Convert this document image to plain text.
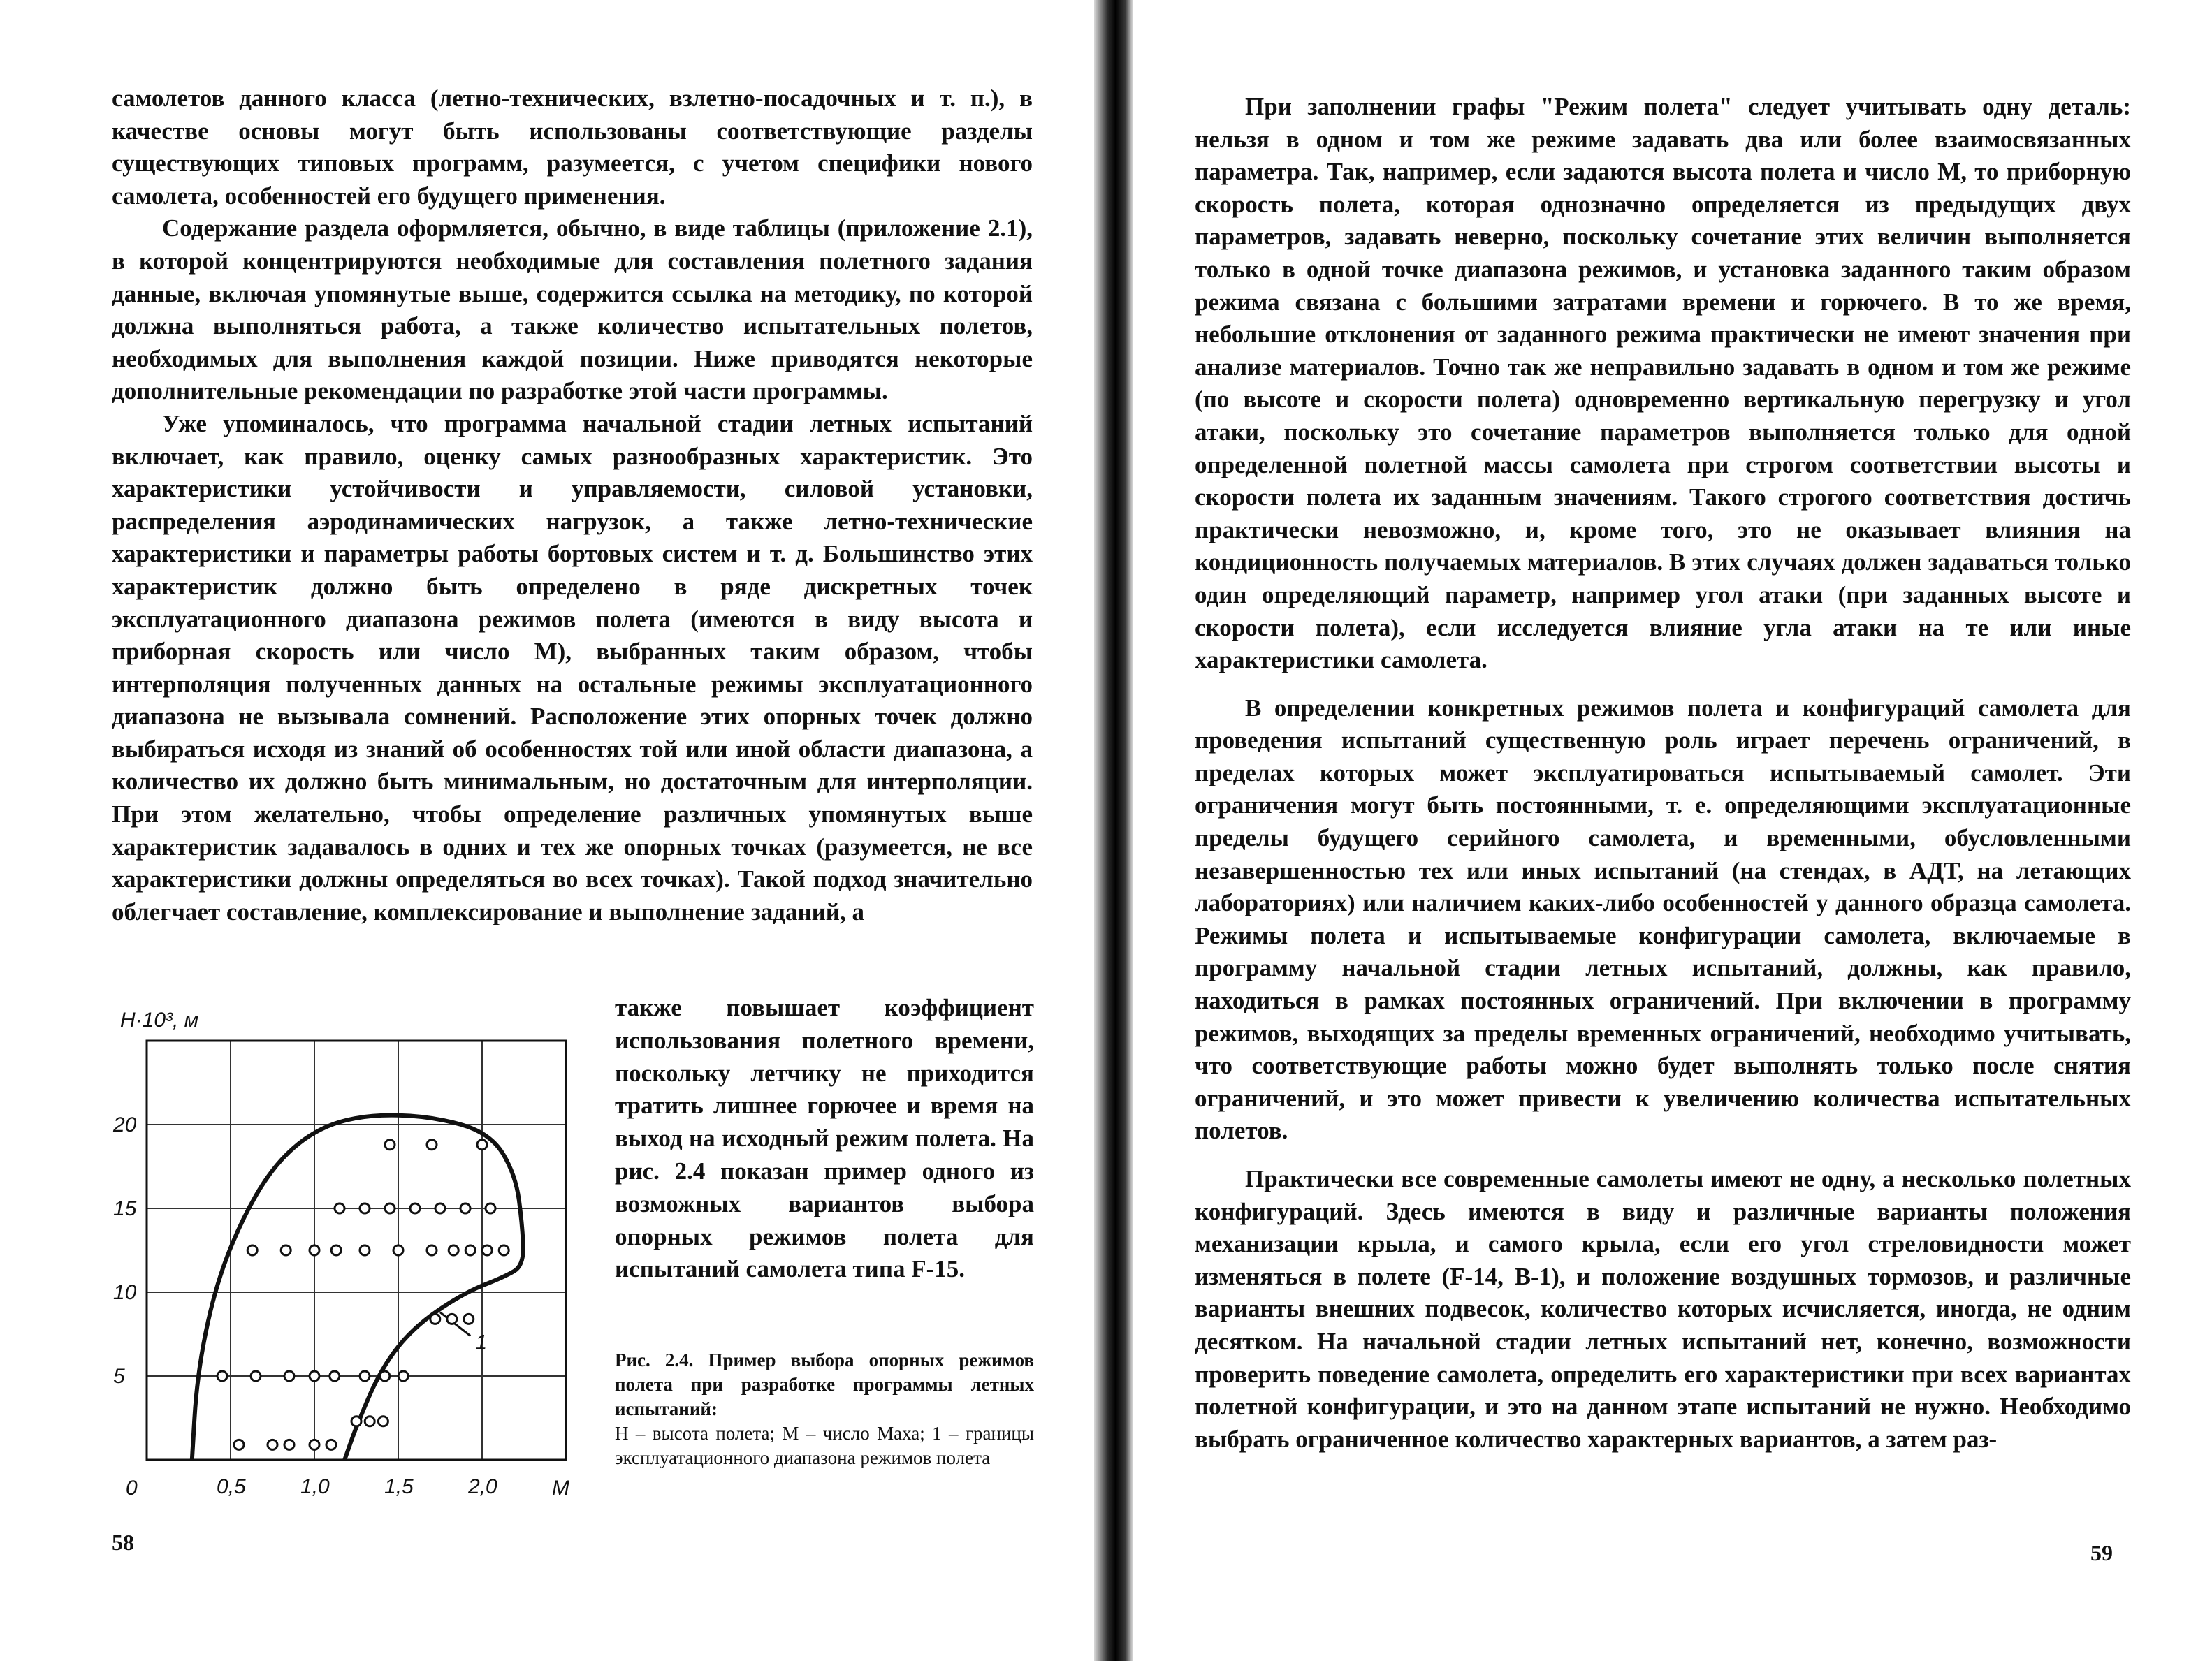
самолетов данного класса (летно-технических, взлетно-посадочных и т. п.), в качестве основы могут быть использованы соответствующие разделы существующих типовых программ, разумеется, с учетом специфики нового самолета, особенностей его будущего применения.

Содержание раздела оформляется, обычно, в виде таблицы (приложение 2.1), в которой концентрируются необходимые для составления полетного задания данные, включая упомянутые выше, содержится ссылка на методику, по которой должна выполняться работа, а также количество испытательных полетов, необходимых для выполнения каждой позиции. Ниже приводятся некоторые дополнительные рекомендации по разработке этой части программы.

Уже упоминалось, что программа начальной стадии летных испытаний включает, как правило, оценку самых разнообразных характеристик. Это характеристики устойчивости и управляемости, силовой установки, распределения аэродинамических нагрузок, а также летно-технические характеристики и параметры работы бортовых систем и т. д. Большинство этих характеристик должно быть определено в ряде дискретных точек эксплуатационного диапазона режимов полета (имеются в виду высота и приборная скорость или число М), выбранных таким образом, чтобы интерполяция полученных данных на остальные режимы эксплуатационного диапазона не вызывала сомнений. Расположение этих опорных точек должно выбираться исходя из знаний об особенностях той или иной области диапазона, а количество их должно быть минимальным, но достаточным для интерполяции. При этом желательно, чтобы определение различных упомянутых выше характеристик задавалось в одних и тех же опорных точках (разумеется, не все характеристики должны определяться во всех точках). Такой подход значительно облегчает составление, комплексирование и выполнение заданий, а

H·10³, м
M
0	0,5	1,0	1,5	2,0
5
10
15
20
1
также повышает коэффициент использования полетного времени, поскольку летчику не приходится тратить лишнее горючее и время на выход на исходный режим полета. На рис. 2.4 показан пример одного из возможных вариантов выбора опорных режимов полета для испытаний самолета типа F-15.
Рис. 2.4. Пример выбора опорных режимов полета при разработке программы летных испытаний:
Н – высота полета; М – число Маха; 1 – границы эксплуатационного диапазона режимов полета
58

При заполнении графы "Режим полета" следует учитывать одну деталь: нельзя в одном и том же режиме задавать два или более взаимосвязанных параметра. Так, например, если задаются высота полета и число М, то приборную скорость полета, которая однозначно определяется из предыдущих двух параметров, задавать неверно, поскольку сочетание этих величин выполняется только в одной точке диапазона режимов, и установка заданного таким образом режима связана с большими затратами времени и горючего. В то же время, небольшие отклонения от заданного режима практически не имеют значения при анализе материалов. Точно так же неправильно задавать в одном и том же режиме (по высоте и скорости полета) одновременно вертикальную перегрузку и угол атаки, поскольку это сочетание параметров выполняется только для одной определенной полетной массы самолета при строгом соответствии высоты и скорости полета их заданным значениям. Такого строгого соответствия достичь практически невозможно, и, кроме того, это не оказывает влияния на кондиционность получаемых материалов. В этих случаях должен задаваться только один определяющий параметр, например угол атаки (при заданных высоте и скорости полета), если исследуется влияние угла атаки на те или иные характеристики самолета.

В определении конкретных режимов полета и конфигураций самолета для проведения испытаний существенную роль играет перечень ограничений, в пределах которых может эксплуатироваться испытываемый самолет. Эти ограничения могут быть постоянными, т. е. определяющими эксплуатационные пределы будущего серийного самолета, и временными, обусловленными незавершенностью тех или иных испытаний (на стендах, в АДТ, на летающих лабораториях) или наличием каких-либо особенностей у данного образца самолета. Режимы полета и испытываемые конфигурации самолета, включаемые в программу начальной стадии летных испытаний, должны, как правило, находиться в рамках постоянных ограничений. При включении в программу режимов, выходящих за пределы временных ограничений, необходимо учитывать, что соответствующие работы можно будет выполнять только после снятия ограничений, и это может привести к увеличению количества испытательных полетов.

Практически все современные самолеты имеют не одну, а несколько полетных конфигураций. Здесь имеются в виду и различные варианты положения механизации крыла, и самого крыла, если его угол стреловидности может изменяться в полете (F-14, B-1), и положение воздушных тормозов, и различные варианты внешних подвесок, количество которых исчисляется, иногда, не одним десятком. На начальной стадии летных испытаний нет, конечно, возможности проверить поведение самолета, определить его характеристики при всех вариантах полетной конфигурации, и это на данном этапе испытаний не нужно. Необходимо выбрать ограниченное количество характерных вариантов, а затем раз-

59
